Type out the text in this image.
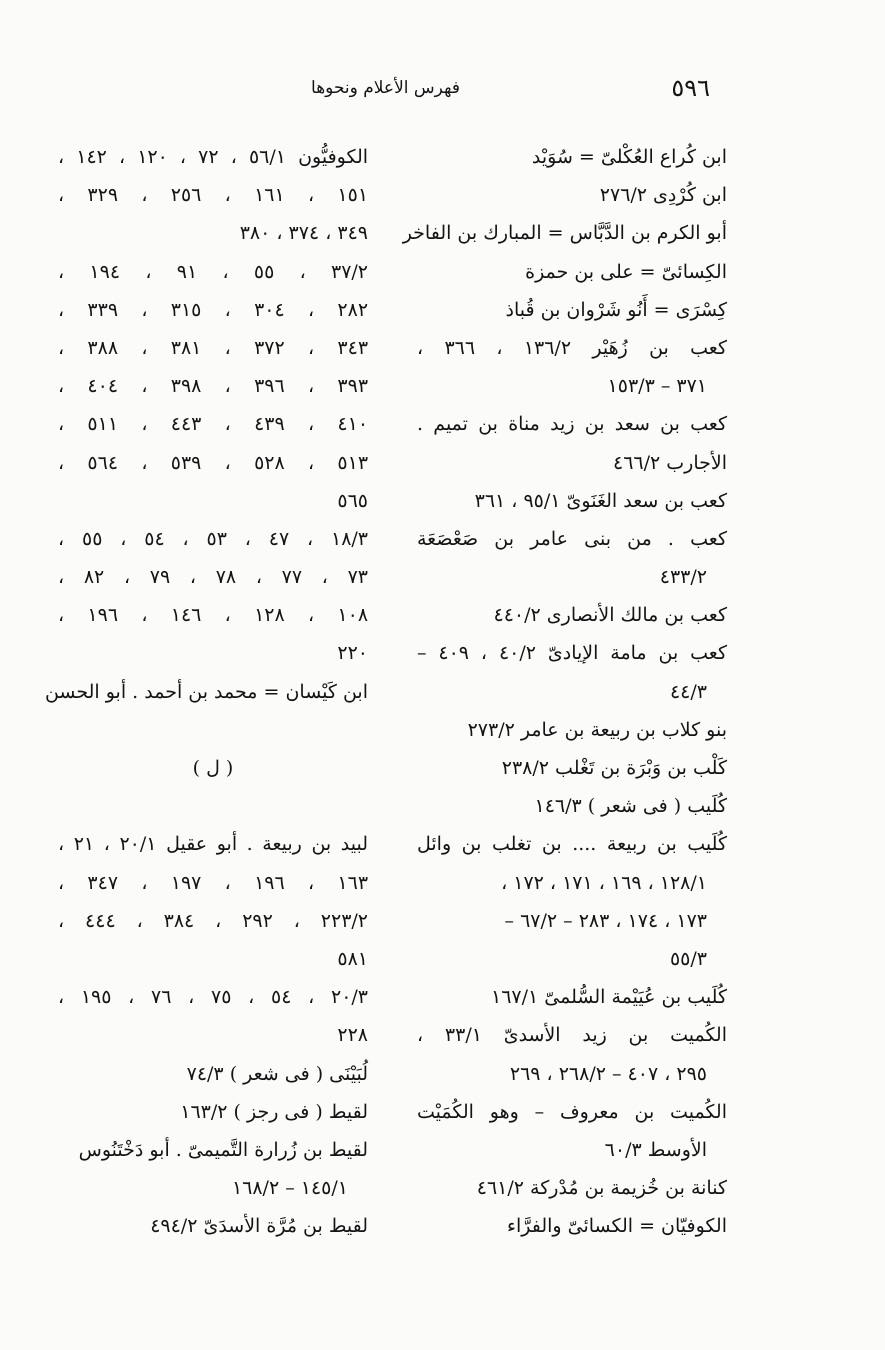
٥٩٦
فهرس الأعلام ونحوها
ابن كُراع العُكْلىّ = سُوَيْد
ابن كُرْدِى ٢٧٦/٢
أبو الكرم بن الدَّبَّاس = المبارك بن الفاخر
الكِسائىّ = على بن حمزة
كِسْرَى = أَنُو شَرْوان بن قُباذ
كعب بن زُهَيْر ١٣٦/٢ ، ٣٦٦ ،
٣٧١ – ١٥٣/٣
كعب بن سعد بن زيد مناة بن تميم .
الأجارب ٤٦٦/٢
كعب بن سعد الغَنَوىّ ٩٥/١ ، ٣٦١
كعب . من بنى عامر بن صَعْصَعَة
٤٣٣/٢
كعب بن مالك الأنصارى ٤٤٠/٢
كعب بن مامة الإيادىّ ٤٠/٢ ، ٤٠٩ –
٤٤/٣
بنو كلاب بن ربيعة بن عامر ٢٧٣/٢
كَلْب بن وَبْرَة بن تَغْلب ٢٣٨/٢
كُلَيب ( فى شعر ) ١٤٦/٣
كُلَيب بن ربيعة .... بن تغلب بن وائل
١٢٨/١ ، ١٦٩ ، ١٧١ ، ١٧٢ ،
١٧٣ ، ١٧٤ ، ٢٨٣ – ٦٧/٢ –
٥٥/٣
كُلَيب بن عُيَيْمة السُّلمىّ ١٦٧/١
الكُميت بن زيد الأسدىّ ٣٣/١ ،
٢٩٥ ، ٤٠٧ – ٢٦٨/٢ ، ٢٦٩
الكُميت بن معروف – وهو الكُمَيْت
الأوسط ٦٠/٣
كنانة بن خُزيمة بن مُدْركة ٤٦١/٢
الكوفيّان = الكسائىّ والفرَّاء
الكوفيُّون ٥٦/١ ، ٧٢ ، ١٢٠ ، ١٤٢ ،
١٥١ ، ١٦١ ، ٢٥٦ ، ٣٢٩ ،
٣٤٩ ، ٣٧٤ ، ٣٨٠
٣٧/٢ ، ٥٥ ، ٩١ ، ١٩٤ ،
٢٨٢ ، ٣٠٤ ، ٣١٥ ، ٣٣٩ ،
٣٤٣ ، ٣٧٢ ، ٣٨١ ، ٣٨٨ ،
٣٩٣ ، ٣٩٦ ، ٣٩٨ ، ٤٠٤ ،
٤١٠ ، ٤٣٩ ، ٤٤٣ ، ٥١١ ،
٥١٣ ، ٥٢٨ ، ٥٣٩ ، ٥٦٤ ،
٥٦٥
١٨/٣ ، ٤٧ ، ٥٣ ، ٥٤ ، ٥٥ ،
٧٣ ، ٧٧ ، ٧٨ ، ٧٩ ، ٨٢ ،
١٠٨ ، ١٢٨ ، ١٤٦ ، ١٩٦ ،
٢٢٠
ابن كَيْسان = محمد بن أحمد . أبو الحسن
( ل )
لبيد بن ربيعة . أبو عقيل ٢٠/١ ، ٢١ ،
١٦٣ ، ١٩٦ ، ١٩٧ ، ٣٤٧ ،
٢٢٣/٢ ، ٢٩٢ ، ٣٨٤ ، ٤٤٤ ،
٥٨١
٢٠/٣ ، ٥٤ ، ٧٥ ، ٧٦ ، ١٩٥ ،
٢٢٨
لُبَيْنَى ( فى شعر ) ٧٤/٣
لقيط ( فى رجز ) ١٦٣/٢
لقيط بن زُرارة التَّميمىّ . أبو دَخْتَنُوس
١٤٥/١ – ١٦٨/٢
لقيط بن مُرَّة الأسدَىّ ٤٩٤/٢
